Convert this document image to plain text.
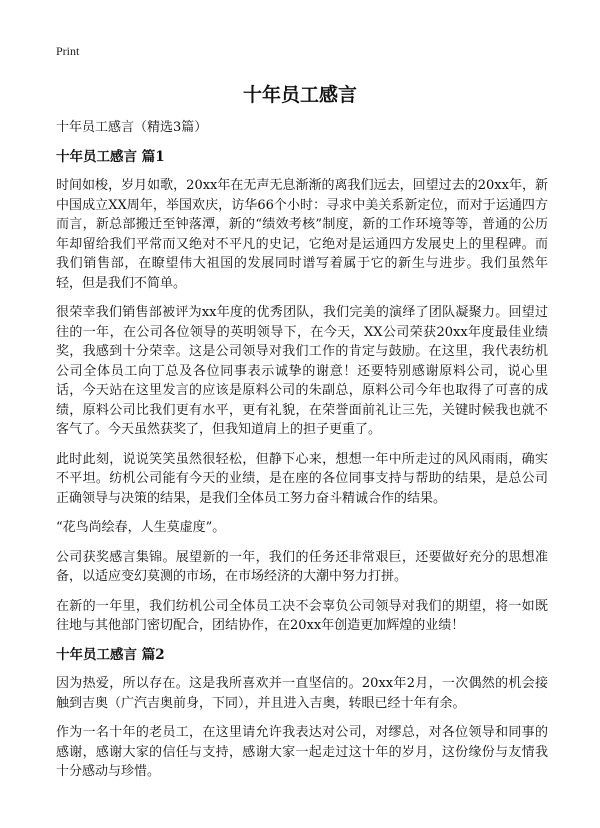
Print
十年员工感言

十年员工感言（精选3篇）

十年员工感言 篇1

时间如梭，岁月如歌，20xx年在无声无息渐渐的离我们远去，回望过去的20xx年，新中国成立XX周年，举国欢庆，访华66个小时：寻求中美关系新定位，而对于运通四方而言，新总部搬迁至钟落潭，新的“绩效考核”制度，新的工作环境等等，普通的公历年却留给我们平常而又绝对不平凡的史记，它绝对是运通四方发展史上的里程碑。而我们销售部，在瞭望伟大祖国的发展同时谱写着属于它的新生与进步。我们虽然年轻，但是我们不简单。

很荣幸我们销售部被评为xx年度的优秀团队，我们完美的演绎了团队凝聚力。回望过往的一年，在公司各位领导的英明领导下，在今天，XX公司荣获20xx年度最佳业绩奖，我感到十分荣幸。这是公司领导对我们工作的肯定与鼓励。在这里，我代表纺机公司全体员工向丁总及各位同事表示诚挚的谢意！还要特别感谢原料公司，说心里话，今天站在这里发言的应该是原料公司的朱副总，原料公司今年也取得了可喜的成绩，原料公司比我们更有水平，更有礼貌，在荣誉面前礼让三先，关键时候我也就不客气了。今天虽然获奖了，但我知道肩上的担子更重了。

此时此刻，说说笑笑虽然很轻松，但静下心来，想想一年中所走过的风风雨雨，确实不平坦。纺机公司能有今天的业绩，是在座的各位同事支持与帮助的结果，是总公司正确领导与决策的结果，是我们全体员工努力奋斗精诚合作的结果。

“花鸟尚绘春，人生莫虚度”。

公司获奖感言集锦。展望新的一年，我们的任务还非常艰巨，还要做好充分的思想准备，以适应变幻莫测的市场，在市场经济的大潮中努力打拼。

在新的一年里，我们纺机公司全体员工决不会辜负公司领导对我们的期望，将一如既往地与其他部门密切配合，团结协作，在20xx年创造更加辉煌的业绩！

十年员工感言 篇2

因为热爱，所以存在。这是我所喜欢并一直坚信的。20xx年2月，一次偶然的机会接触到吉奥（广汽吉奥前身，下同），并且进入吉奥，转眼已经十年有余。

作为一名十年的老员工，在这里请允许我表达对公司，对缪总，对各位领导和同事的感谢，感谢大家的信任与支持，感谢大家一起走过这十年的岁月，这份缘份与友情我十分感动与珍惜。
